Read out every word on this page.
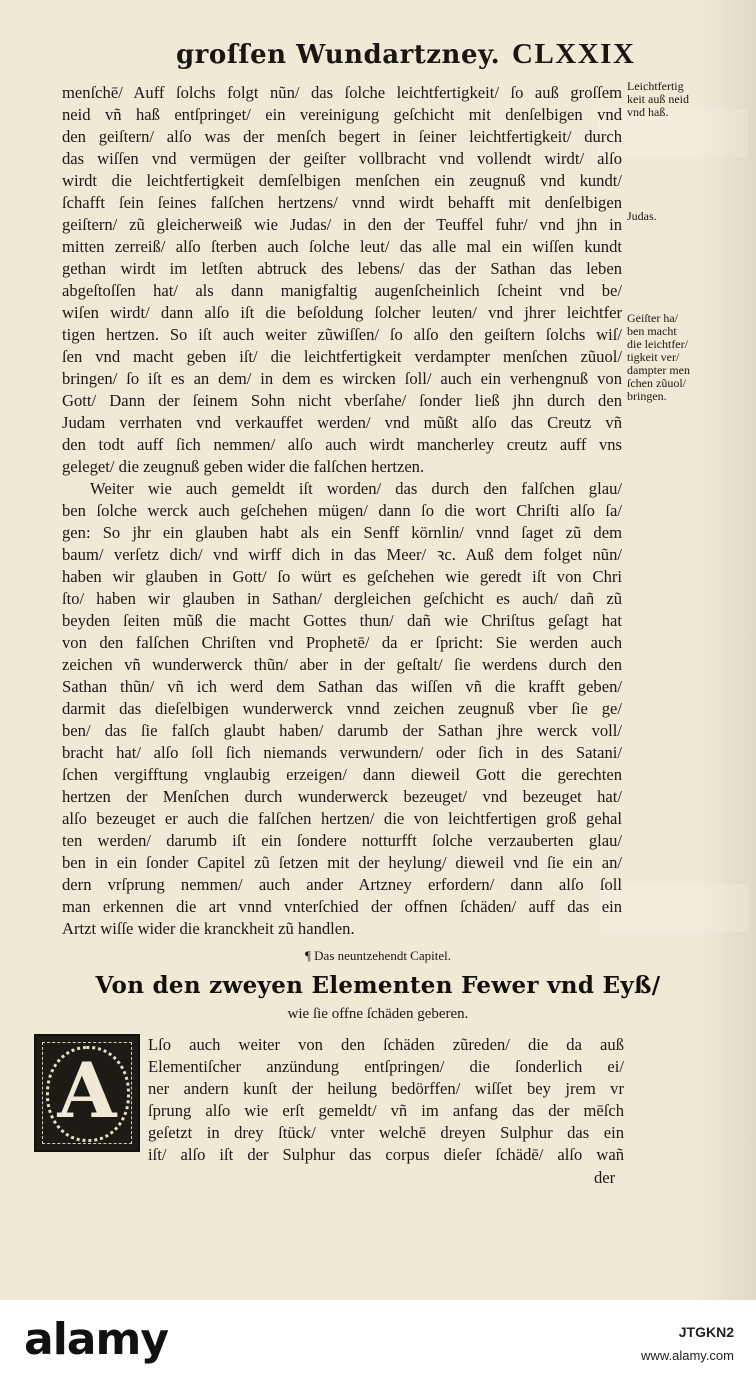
groſſen Wundartzney. CLXXIX
menſchē/ Auff ſolchs folgt nũn/ das ſolche leichtfertigkeit/ ſo auß groſſem
neid vñ haß entſpringet/ ein vereinigung geſchicht mit denſelbigen vnd
den geiſtern/ alſo was der menſch begert in ſeiner leichtfertigkeit/ durch
das wiſſen vnd vermügen der geiſter vollbracht vnd vollendt wirdt/ alſo
wirdt die leichtfertigkeit demſelbigen menſchen ein zeugnuß vnd kundt/
ſchafft ſein ſeines falſchen hertzens/ vnnd wirdt behafft mit denſelbigen
geiſtern/ zũ gleicherweiß wie Judas/ in den der Teuffel fuhr/ vnd jhn in
mitten zerreiß/ alſo ſterben auch ſolche leut/ das alle mal ein wiſſen kundt
gethan wirdt im letſten abtruck des lebens/ das der Sathan das leben
abgeſtoſſen hat/ als dann manigfaltig augenſcheinlich ſcheint vnd be/
wiſen wirdt/ dann alſo iſt die beſoldung ſolcher leuten/ vnd jhrer leichtfer
tigen hertzen. So iſt auch weiter zũwiſſen/ ſo alſo den geiſtern ſolchs wiſ/
ſen vnd macht geben iſt/ die leichtfertigkeit verdampter menſchen zũuol/
bringen/ ſo iſt es an dem/ in dem es wircken ſoll/ auch ein verhengnuß von
Gott/ Dann der ſeinem Sohn nicht vberſahe/ ſonder ließ jhn durch den
Judam verrhaten vnd verkauffet werden/ vnd mũßt alſo das Creutz vñ
den todt auff ſich nemmen/ alſo auch wirdt mancherley creutz auff vns
geleget/ die zeugnuß geben wider die falſchen hertzen.
Weiter wie auch gemeldt iſt worden/ das durch den falſchen glau/
ben ſolche werck auch geſchehen mügen/ dann ſo die wort Chriſti alſo ſa/
gen: So jhr ein glauben habt als ein Senff körnlin/ vnnd ſaget zũ dem
baum/ verſetz dich/ vnd wirff dich in das Meer/ ꝛc. Auß dem folget nũn/
haben wir glauben in Gott/ ſo würt es geſchehen wie geredt iſt von Chri
ſto/ haben wir glauben in Sathan/ dergleichen geſchicht es auch/ dañ zũ
beyden ſeiten mũß die macht Gottes thun/ dañ wie Chriſtus geſagt hat
von den falſchen Chriſten vnd Prophetē/ da er ſpricht: Sie werden auch
zeichen vñ wunderwerck thũn/ aber in der geſtalt/ ſie werdens durch den
Sathan thũn/ vñ ich werd dem Sathan das wiſſen vñ die krafft geben/
darmit das dieſelbigen wunderwerck vnnd zeichen zeugnuß vber ſie ge/
ben/ das ſie falſch glaubt haben/ darumb der Sathan jhre werck voll/
bracht hat/ alſo ſoll ſich niemands verwundern/ oder ſich in des Satani/
ſchen vergifftung vnglaubig erzeigen/ dann dieweil Gott die gerechten
hertzen der Menſchen durch wunderwerck bezeuget/ vnd bezeuget hat/
alſo bezeuget er auch die falſchen hertzen/ die von leichtfertigen groß gehal
ten werden/ darumb iſt ein ſondere notturfft ſolche verzauberten glau/
ben in ein ſonder Capitel zũ ſetzen mit der heylung/ dieweil vnd ſie ein an/
dern vrſprung nemmen/ auch ander Artzney erfordern/ dann alſo ſoll
man erkennen die art vnnd vnterſchied der offnen ſchäden/ auff das ein
Artzt wiſſe wider die kranckheit zũ handlen.
Leichtfertig
keit auß neid
vnd haß.
Judas.
Geiſter ha/
ben macht
die leichtfer/
tigkeit ver/
dampter men
ſchen zũuol/
bringen.
¶ Das neuntzehendt Capitel.
Von den zweyen Elementen Fewer vnd Eyß/
wie ſie offne ſchäden geberen.
A
Lſo auch weiter von den ſchäden zũreden/ die da auß
Elementiſcher anzündung entſpringen/ die ſonderlich ei/
ner andern kunſt der heilung bedörffen/ wiſſet bey jrem vr
ſprung alſo wie erſt gemeldt/ vñ im anfang das der mēſch
geſetzt in drey ſtück/ vnter welchē dreyen Sulphur das ein
iſt/ alſo iſt der Sulphur das corpus dieſer ſchädē/ alſo wañ
der
alamy	JTGKN2
www.alamy.com
